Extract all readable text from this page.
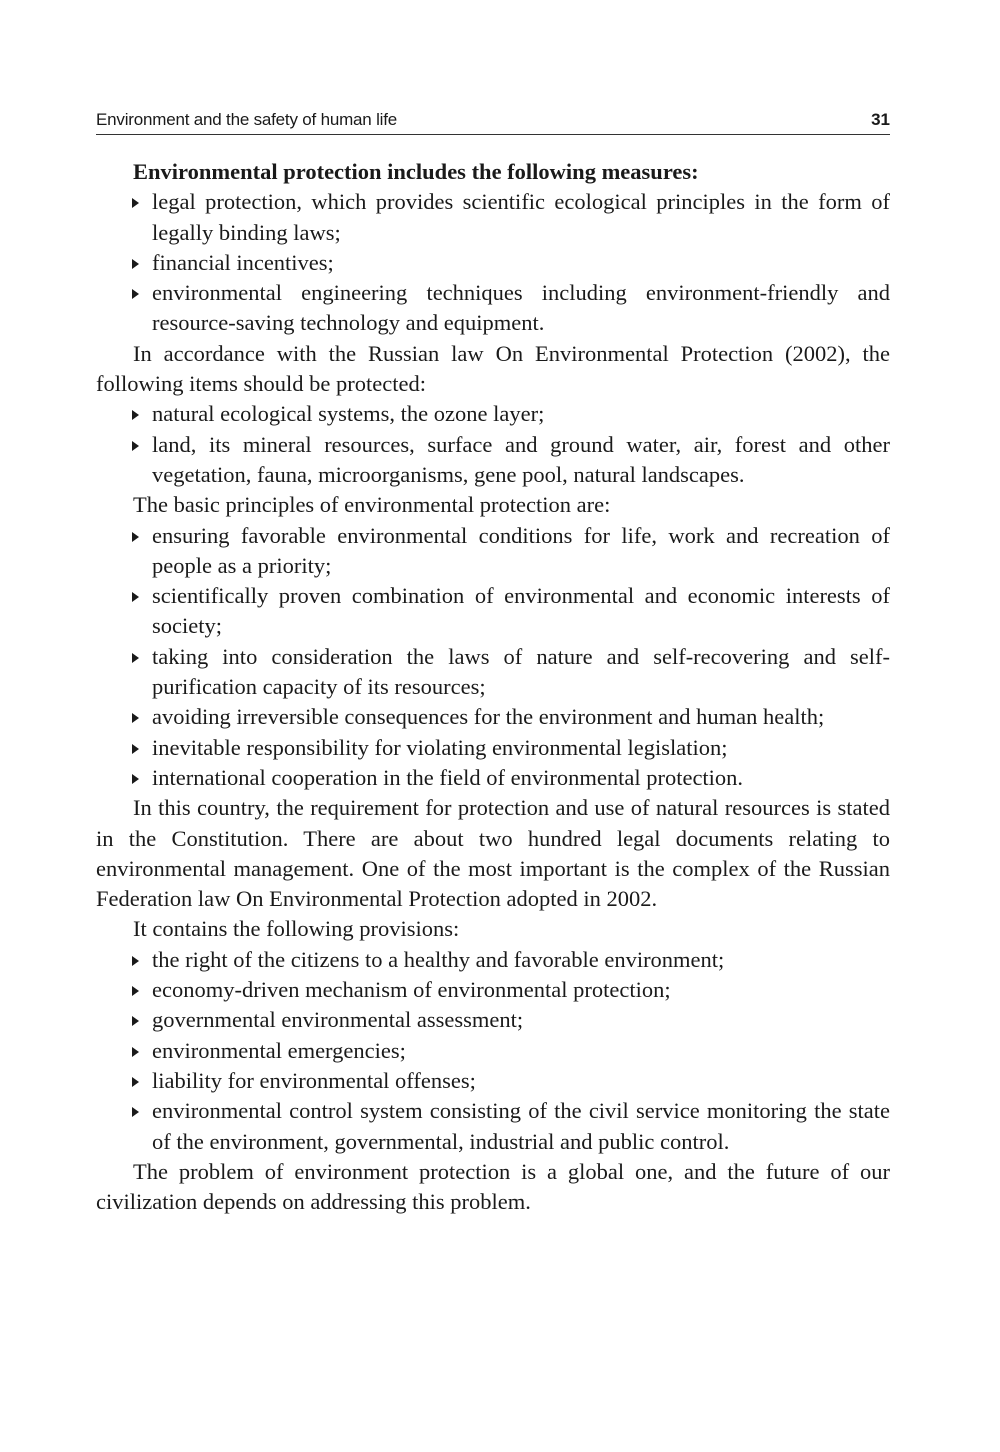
Environment and the safety of human life	31

Environmental protection includes the following measures:

legal protection, which provides scientific ecological principles in the form of legally binding laws;
financial incentives;
environmental engineering techniques including environment-friendly and resource-saving technology and equipment.

In accordance with the Russian law On Environmental Protection (2002), the following items should be protected:

natural ecological systems, the ozone layer;
land, its mineral resources, surface and ground water, air, forest and other vegetation, fauna, microorganisms, gene pool, natural landscapes.

The basic principles of environmental protection are:

ensuring favorable environmental conditions for life, work and recreation of people as a priority;
scientifically proven combination of environmental and economic interests of society;
taking into consideration the laws of nature and self-recovering and self-purification capacity of its resources;
avoiding irreversible consequences for the environment and human health;
inevitable responsibility for violating environmental legislation;
international cooperation in the field of environmental protection.

In this country, the requirement for protection and use of natural resources is stated in the Constitution. There are about two hundred legal documents relating to environmental management. One of the most important is the complex of the Russian Federation law On Environmental Protection adopted in 2002.

It contains the following provisions:

the right of the citizens to a healthy and favorable environment;
economy-driven mechanism of environmental protection;
governmental environmental assessment;
environmental emergencies;
liability for environmental offenses;
environmental control system consisting of the civil service monitoring the state of the environment, governmental, industrial and public control.

The problem of environment protection is a global one, and the future of our civilization depends on addressing this problem.
